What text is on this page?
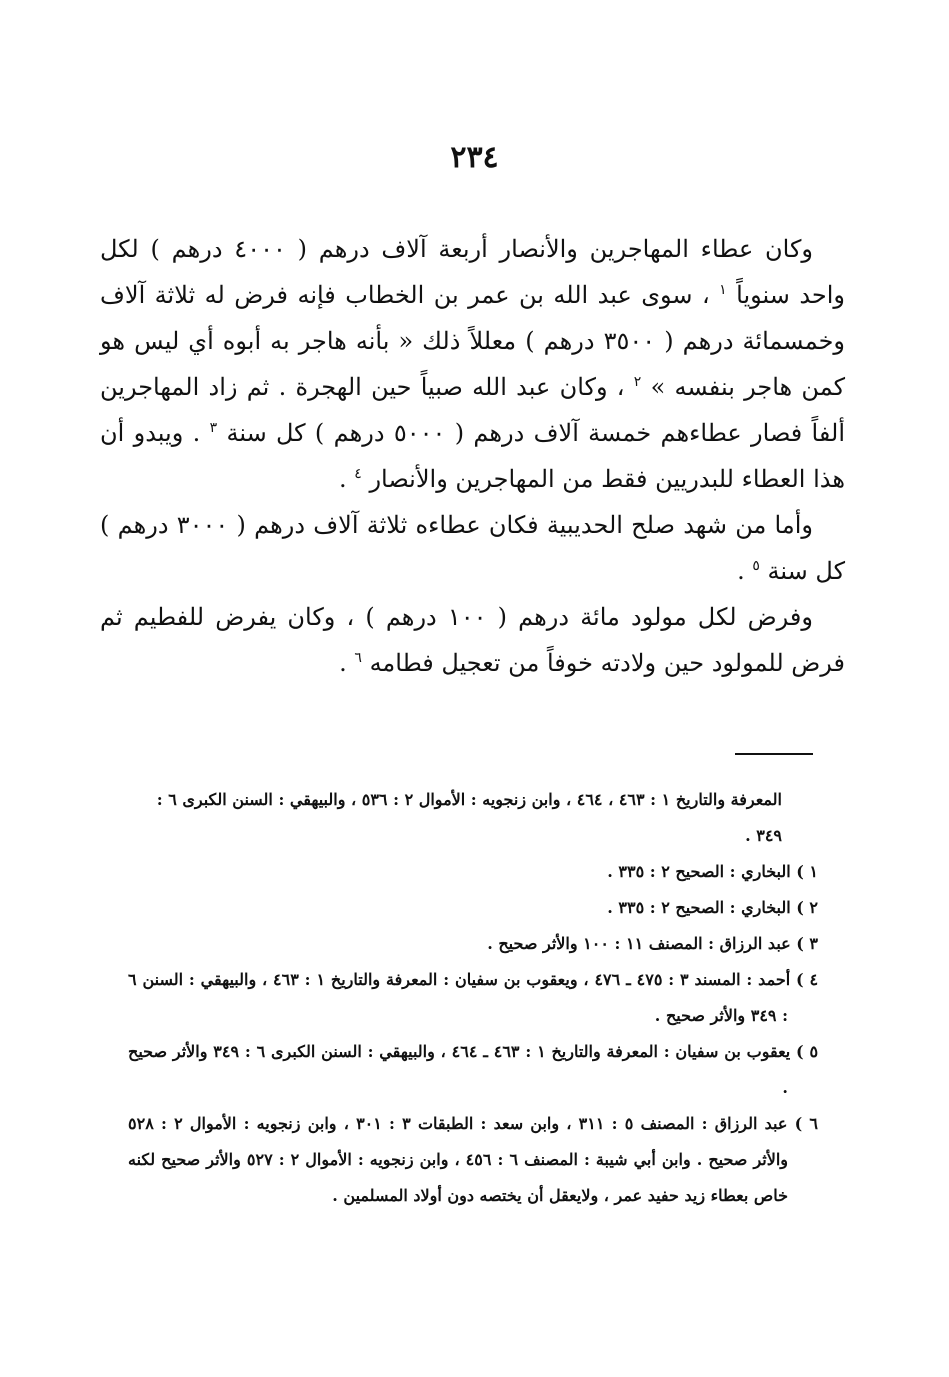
٢٣٤

وكان عطاء المهاجرين والأنصار أربعة آلاف درهم ( ٤٠٠٠ درهم ) لكل واحد سنوياً $^١$ ، سوى عبد الله بن عمر بن الخطاب فإنه فرض له ثلاثة آلاف وخمسمائة درهم ( ٣٥٠٠ درهم ) معللاً ذلك « بأنه هاجر به أبوه أي ليس هو كمن هاجر بنفسه » $^٢$ ، وكان عبد الله صبياً حين الهجرة . ثم زاد المهاجرين ألفاً فصار عطاءهم خمسة آلاف درهم ( ٥٠٠٠ درهم ) كل سنة $^٣$ . ويبدو أن هذا العطاء للبدريين فقط من المهاجرين والأنصار $^٤$ .

وأما من شهد صلح الحديبية فكان عطاءه ثلاثة آلاف درهم ( ٣٠٠٠ درهم ) كل سنة $^٥$ .

وفرض لكل مولود مائة درهم ( ١٠٠ درهم ) ، وكان يفرض للفطيم ثم فرض للمولود حين ولادته خوفاً من تعجيل فطامه $^٦$ .

المعرفة والتاريخ ١ : ٤٦٣ ، ٤٦٤ ، وابن زنجويه : الأموال ٢ : ٥٣٦ ، والبيهقي : السنن الكبرى ٦ : ٣٤٩ .

١ ) البخاري : الصحيح ٢ : ٣٣٥ .

٢ ) البخاري : الصحيح ٢ : ٣٣٥ .

٣ ) عبد الرزاق : المصنف ١١ : ١٠٠ والأثر صحيح .

٤ ) أحمد : المسند ٣ : ٤٧٥ ـ ٤٧٦ ، ويعقوب بن سفيان : المعرفة والتاريخ ١ : ٤٦٣ ، والبيهقي : السنن ٦ : ٣٤٩ والأثر صحيح .

٥ ) يعقوب بن سفيان : المعرفة والتاريخ ١ : ٤٦٣ ـ ٤٦٤ ، والبيهقي : السنن الكبرى ٦ : ٣٤٩ والأثر صحيح .

٦ ) عبد الرزاق : المصنف ٥ : ٣١١ ، وابن سعد : الطبقات ٣ : ٣٠١ ، وابن زنجويه : الأموال ٢ : ٥٢٨ والأثر صحيح . وابن أبي شيبة : المصنف ٦ : ٤٥٦ ، وابن زنجويه : الأموال ٢ : ٥٢٧ والأثر صحيح لكنه خاص بعطاء زيد حفيد عمر ، ولايعقل أن يختصه دون أولاد المسلمين .
